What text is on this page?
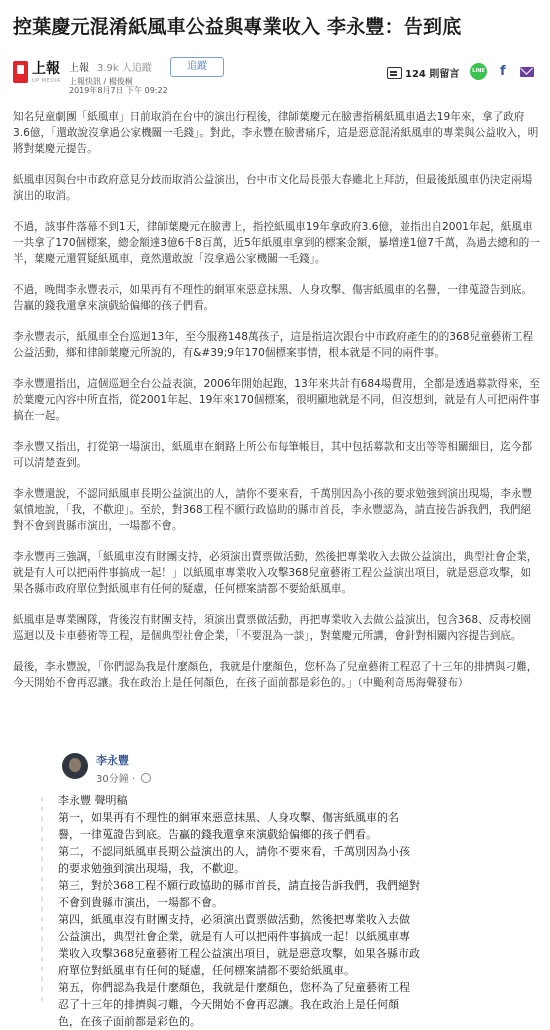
控葉慶元混淆紙風車公益與專業收入 李永豐：告到底
上報
UP MEDIA
上報 3.9k 人追蹤	追蹤
上報快訊 / 楊俊桐
2019年8月7日 下午 09:22
124 則留言	LINE f

知名兒童劇團「紙風車」日前取消在台中的演出行程後，律師葉慶元在臉書指稱紙風車過去19年來，拿了政府3.6億，「還敢說沒拿過公家機關一毛錢」。對此，李永豐在臉書痛斥，這是惡意混淆紙風車的專業與公益收入，明將對葉慶元提告。

紙風車因與台中市政府意見分歧而取消公益演出，台中市文化局長張大春雖北上拜訪，但最後紙風車仍決定兩場演出的取消。

不過，該事件落幕不到1天，律師葉慶元在臉書上，指控紙風車19年拿政府3.6億，並指出自2001年起，紙風車一共拿了170個標案，總金額達3億6千8百萬，近5年紙風車拿到的標案金額，暴增達1億7千萬，為過去總和的一半，葉慶元還質疑紙風車，竟然還敢說「沒拿過公家機關一毛錢」。

不過，晚間李永豐表示，如果再有不理性的網軍來惡意抹黑、人身攻擊、傷害紙風車的名譽，一律蒐證告到底。告贏的錢我還拿來演戲給偏鄉的孩子們看。

李永豐表示，紙風車全台巡迴13年，至今服務148萬孩子，這是指這次跟台中市政府產生的的368兒童藝術工程公益活動，鄉和律師葉慶元所說的，有&#39;9年170個標案事情，根本就是不同的兩件事。

李永豐還指出，這個巡迴全台公益表演，2006年開始起跑，13年來共計有684場費用，全都是透過募款得來，至於葉慶元內容中所直指，從2001年起、19年來170個標案，很明顯地就是不同，但沒想到，就是有人可把兩件事搞在一起。

李永豐又指出，打從第一場演出，紙風車在網路上所公布每筆帳目，其中包括募款和支出等等相關細目，迄今都可以清楚查到。

李永豐還說，不認同紙風車長期公益演出的人，請你不要來看，千萬別因為小孩的要求勉強到演出現場，李永豐氣憤地說，「我，不歡迎」。至於，對368工程不願行政協助的縣市首長，李永豐認為，請直接告訴我們，我們絕對不會到貴縣市演出，一場都不會。

李永豐再三強調，「紙風車沒有財團支持，必須演出賣票做活動，然後把專業收入去做公益演出，典型社會企業，就是有人可以把兩件事搞成一起！」以紙風車專業收入攻擊368兒童藝術工程公益演出項目，就是惡意攻擊，如果各縣市政府單位對紙風車有任何的疑慮，任何標案請都不要給紙風車。

紙風車是專業團隊，背後沒有財團支持，須演出賣票做活動，再把專業收入去做公益演出，包含368、反毒校園巡迴以及卡車藝術等工程，是個典型社會企業，「不要混為一談」，對葉慶元所講，會針對相關內容提告到底。

最後，李永豐說，「你們認為我是什麼顏色，我就是什麼顏色，您杯為了兒童藝術工程忍了十三年的排擠與刁難，今天開始不會再忍讓。我在政治上是任何顏色，在孩子面前都是彩色的。」（中颱利奇馬海聲發布）

李永豐
30分鐘 ·
李永豐 聲明稿
第一，如果再有不理性的網軍來惡意抹黑、人身攻擊、傷害紙風車的名
譽，一律蒐證告到底。告贏的錢我還拿來演戲給偏鄉的孩子們看。
第二，不認同紙風車長期公益演出的人，請你不要來看，千萬別因為小孩
的要求勉強到演出現場，我，不歡迎。
第三，對於368工程不願行政協助的縣市首長，請直接告訴我們，我們絕對
不會到貴縣市演出，一場都不會。
第四，紙風車沒有財團支持，必須演出賣票做活動，然後把專業收入去做
公益演出，典型社會企業，就是有人可以把兩件事搞成一起！以紙風車專
業收入攻擊368兒童藝術工程公益演出項目，就是惡意攻擊，如果各縣市政
府單位對紙風車有任何的疑慮，任何標案請都不要給紙風車。
第五，你們認為我是什麼顏色，我就是什麼顏色，您杯為了兒童藝術工程
忍了十三年的排擠與刁難，今天開始不會再忍讓。我在政治上是任何顏
色，在孩子面前都是彩色的。
